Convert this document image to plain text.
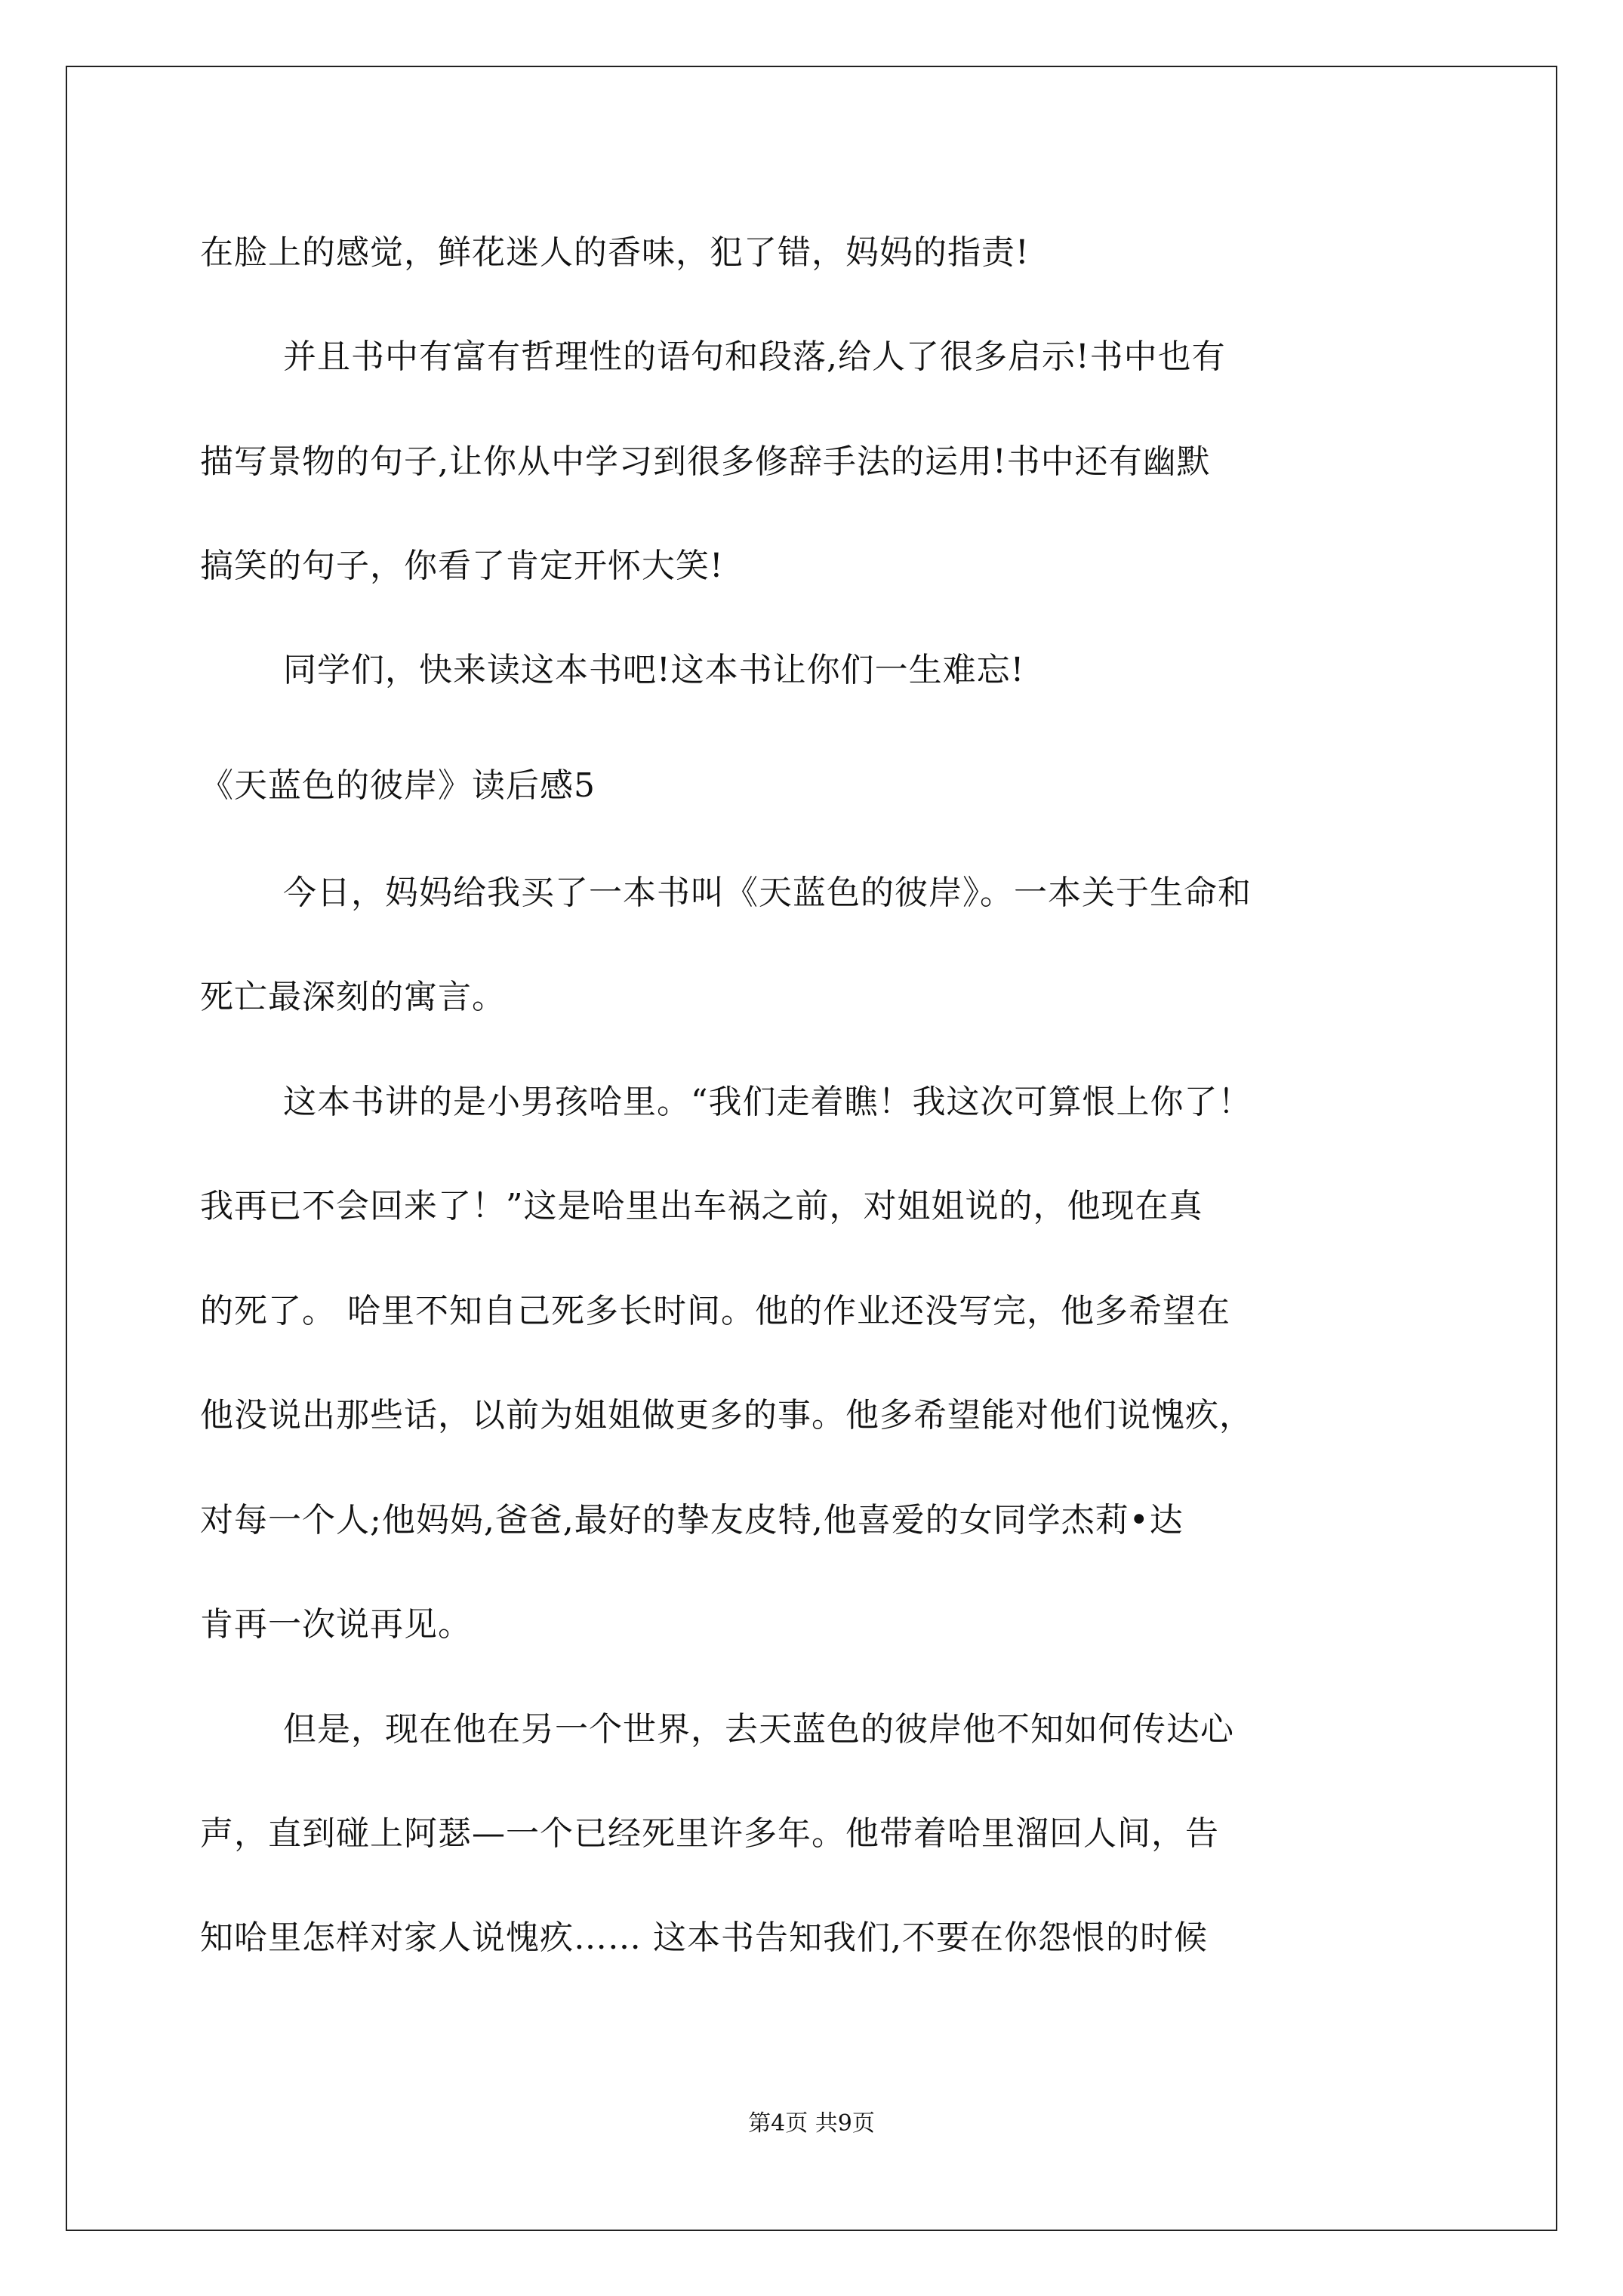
在脸上的感觉，鲜花迷人的香味，犯了错，妈妈的指责!
并且书中有富有哲理性的语句和段落,给人了很多启示!书中也有
描写景物的句子,让你从中学习到很多修辞手法的运用!书中还有幽默
搞笑的句子，你看了肯定开怀大笑!
同学们，快来读这本书吧!这本书让你们一生难忘!
《天蓝色的彼岸》读后感5
今日，妈妈给我买了一本书叫《天蓝色的彼岸》。一本关于生命和
死亡最深刻的寓言。
这本书讲的是小男孩哈里。“我们走着瞧！我这次可算恨上你了！
我再已不会回来了！”这是哈里出车祸之前，对姐姐说的，他现在真
的死了。 哈里不知自己死多长时间。他的作业还没写完，他多希望在
他没说出那些话，以前为姐姐做更多的事。他多希望能对他们说愧疚，
对每一个人;他妈妈,爸爸,最好的挚友皮特,他喜爱的女同学杰莉•达
肯再一次说再见。
但是，现在他在另一个世界，去天蓝色的彼岸他不知如何传达心
声，直到碰上阿瑟—一个已经死里许多年。他带着哈里溜回人间，告
知哈里怎样对家人说愧疚…… 这本书告知我们,不要在你怨恨的时候
第4页 共9页
